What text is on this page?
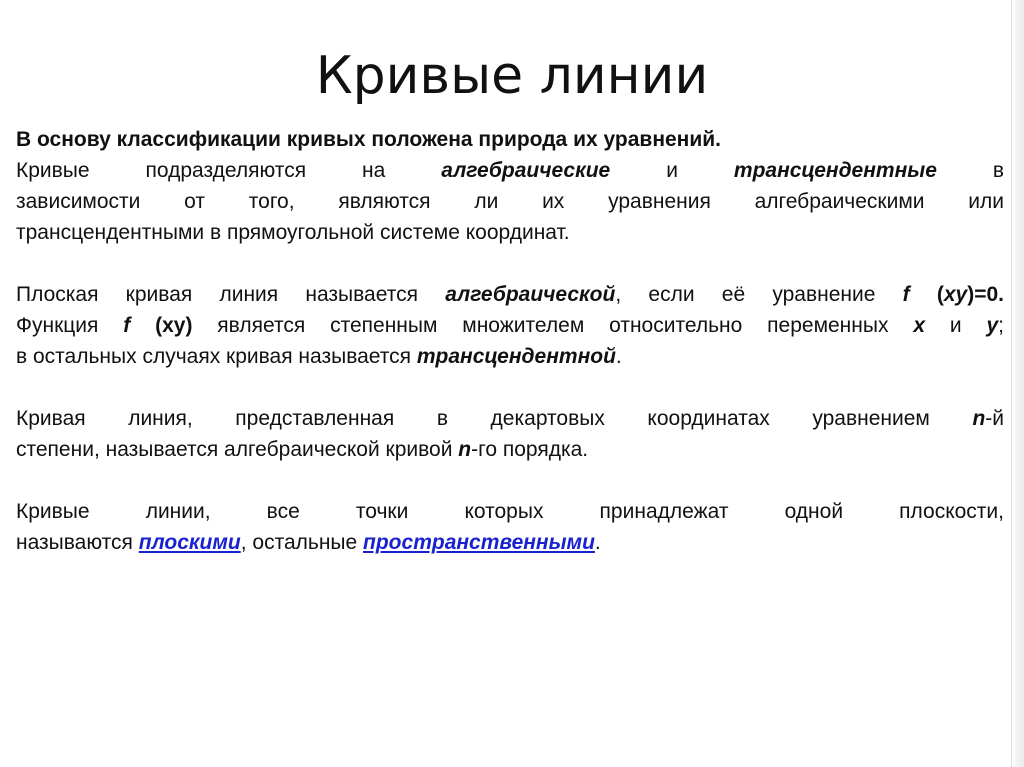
Кривые линии
В основу классификации кривых положена природа их уравнений.
Кривые подразделяются на алгебраические и трансцендентные в
зависимости от того, являются ли их уравнения алгебраическими или
трансцендентными в прямоугольной системе координат.
Плоская кривая линия называется алгебраической, если её уравнение f (xy)=0.
Функция f (xy) является степенным множителем относительно переменных x и y;
в остальных случаях кривая называется трансцендентной.
Кривая линия, представленная в декартовых координатах уравнением n-й
степени, называется алгебраической кривой n-го порядка.
Кривые линии, все точки которых принадлежат одной плоскости,
называются плоскими, остальные пространственными.
